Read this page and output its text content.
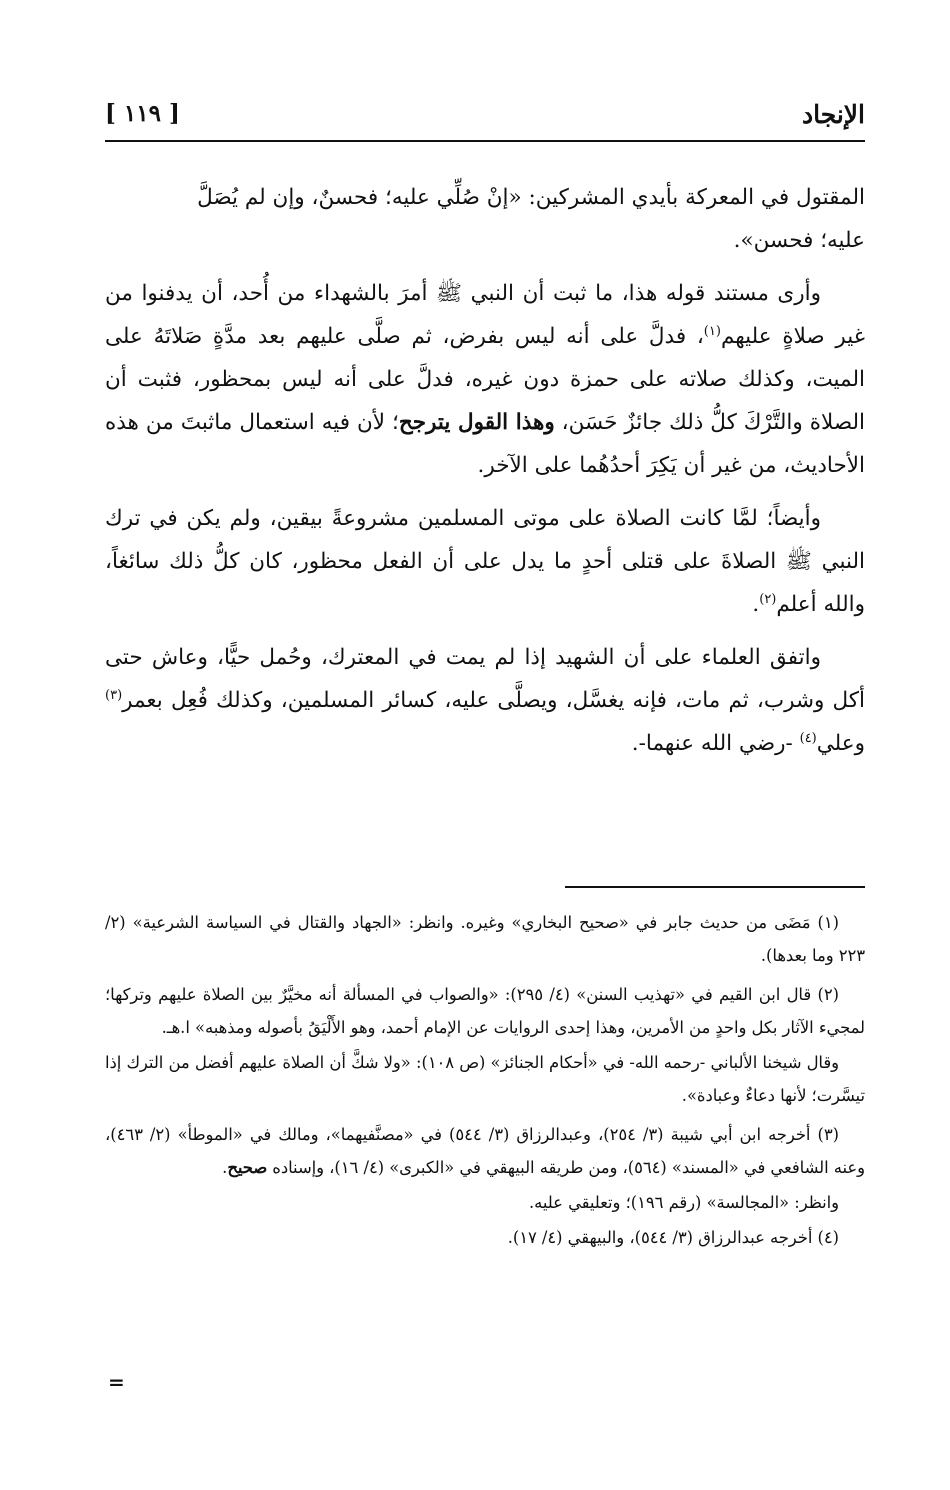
الإنجاد
[ ١١٩ ]

المقتول في المعركة بأيدي المشركين: «إنْ صُلِّي عليه؛ فحسنٌ، وإن لم يُصَلَّ
عليه؛ فحسن».

وأرى مستند قوله هذا، ما ثبت أن النبي ﷺ أمرَ بالشهداء من أُحد، أن يدفنوا من غير صلاةٍ عليهم$^{(١)}$، فدلَّ على أنه ليس بفرض، ثم صلَّى عليهم بعد مدَّةٍ صَلاتَهُ على الميت، وكذلك صلاته على حمزة دون غيره، فدلَّ على أنه ليس بمحظور، فثبت أن الصلاة والتَّرْكَ كلُّ ذلك جائزٌ حَسَن، وهذا القول يترجح؛ لأن فيه استعمال ماثبتَ من هذه الأحاديث، من غير أن يَكِرَ أحدُهُما على الآخر.

وأيضاً؛ لمَّا كانت الصلاة على موتى المسلمين مشروعةً بيقين، ولم يكن في ترك النبي ﷺ الصلاةَ على قتلى أحدٍ ما يدل على أن الفعل محظور، كان كلُّ ذلك سائغاً، والله أعلم$^{(٢)}$.

واتفق العلماء على أن الشهيد إذا لم يمت في المعترك، وحُمل حيًّا، وعاش حتى أكل وشرب، ثم مات، فإنه يغسَّل، ويصلَّى عليه، كسائر المسلمين، وكذلك فُعِل بعمر$^{(٣)}$ وعلي$^{(٤)}$ -رضي الله عنهما-.

(١) مَضَى من حديث جابر في «صحيح البخاري» وغيره. وانظر: «الجهاد والقتال في السياسة الشرعية» (٢/ ٢٢٣ وما بعدها).

(٢) قال ابن القيم في «تهذيب السنن» (٤/ ٢٩٥): «والصواب في المسألة أنه مخيَّرٌ بين الصلاة عليهم وتركها؛ لمجيء الآثار بكل واحدٍ من الأمرين، وهذا إحدى الروايات عن الإمام أحمد، وهو الأَلْيَقُ بأصوله ومذهبه» ا.هـ.

وقال شيخنا الألباني -رحمه الله- في «أحكام الجنائز» (ص ١٠٨): «ولا شكَّ أن الصلاة عليهم أفضل من الترك إذا تيسَّرت؛ لأنها دعاءٌ وعبادة».

(٣) أخرجه ابن أبي شيبة (٣/ ٢٥٤)، وعبدالرزاق (٣/ ٥٤٤) في «مصنَّفيهما»، ومالك في «الموطأ» (٢/ ٤٦٣)، وعنه الشافعي في «المسند» (٥٦٤)، ومن طريقه البيهقي في «الكبرى» (٤/ ١٦)، وإسناده صحيح.

وانظر: «المجالسة» (رقم ١٩٦)؛ وتعليقي عليه.

(٤) أخرجه عبدالرزاق (٣/ ٥٤٤)، والبيهقي (٤/ ١٧).

=
